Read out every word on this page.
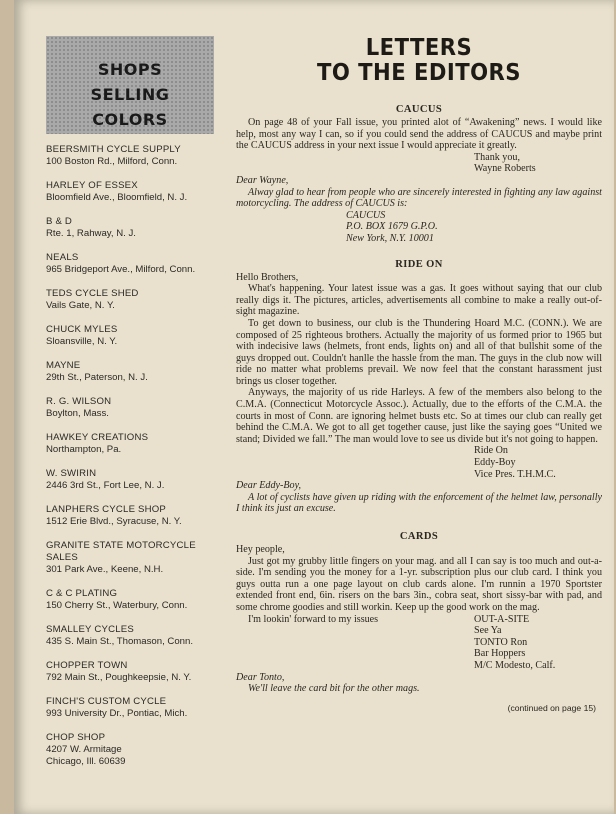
SHOPS
SELLING
COLORS
BEERSMITH CYCLE SUPPLY
100 Boston Rd., Milford, Conn.
HARLEY OF ESSEX
Bloomfield Ave., Bloomfield, N. J.
B & D
Rte. 1, Rahway, N. J.
NEALS
965 Bridgeport Ave., Milford, Conn.
TEDS CYCLE SHED
Vails Gate, N. Y.
CHUCK MYLES
Sloansville, N. Y.
MAYNE
29th St., Paterson, N. J.
R. G. WILSON
Boylton, Mass.
HAWKEY CREATIONS
Northampton, Pa.
W. SWIRIN
2446 3rd St., Fort Lee, N. J.
LANPHERS CYCLE SHOP
1512 Erie Blvd., Syracuse, N. Y.
GRANITE STATE MOTORCYCLE SALES
301 Park Ave., Keene, N.H.
C & C PLATING
150 Cherry St., Waterbury, Conn.
SMALLEY CYCLES
435 S. Main St., Thomason, Conn.
CHOPPER TOWN
792 Main St., Poughkeepsie, N. Y.
FINCH'S CUSTOM CYCLE
993 University Dr., Pontiac, Mich.
CHOP SHOP
4207 W. Armitage
Chicago, Ill. 60639
LETTERS
TO THE EDITORS
CAUCUS

On page 48 of your Fall issue, you printed alot of “Awakening” news. I would like help, most any way I can, so if you could send the address of CAUCUS and maybe print the CAUCUS address in your next issue I would appreciate it greatly.

Thank you,
Wayne Roberts

Dear Wayne,

Alway glad to hear from people who are sincerely interested in fighting any law against motorcycling. The address of CAUCUS is:

CAUCUS
P.O. BOX 1679 G.P.O.
New York, N.Y. 10001
RIDE ON

Hello Brothers,

What's happening. Your latest issue was a gas. It goes without saying that our club really digs it. The pictures, articles, advertisements all combine to make a really out-of-sight magazine.

To get down to business, our club is the Thundering Hoard M.C. (CONN.). We are composed of 25 righteous brothers. Actually the majority of us formed prior to 1965 but with indecisive laws (helmets, front ends, lights on) and all of that bullshit some of the guys dropped out. Couldn't hanlle the hassle from the man. The guys in the club now will ride no matter what problems prevail. We now feel that the constant harassment just brings us closer together.

Anyways, the majority of us ride Harleys. A few of the members also belong to the C.M.A. (Connecticut Motorcycle Assoc.). Actually, due to the efforts of the C.M.A. the courts in most of Conn. are ignoring helmet busts etc. So at times our club can really get behind the C.M.A. We got to all get together cause, just like the saying goes “United we stand; Divided we fall.” The man would love to see us divide but it's not going to happen.

Ride On
Eddy-Boy
Vice Pres. T.H.M.C.

Dear Eddy-Boy,

A lot of cyclists have given up riding with the enforcement of the helmet law, personally I think its just an excuse.

CARDS

Hey people,

Just got my grubby little fingers on your mag. and all I can say is too much and out-a-side. I'm sending you the money for a 1-yr. subscription plus our club card. I think you guys outta run a one page layout on club cards alone. I'm runnin a 1970 Sportster extended front end, 6in. risers on the bars 3in., cobra seat, short sissy-bar with pad, and some chrome goodies and still workin. Keep up the good work on the mag.

I'm lookin' forward to my issues	OUT-A-SITE
See Ya
TONTO Ron
Bar Hoppers
M/C Modesto, Calf.

Dear Tonto,

We'll leave the card bit for the other mags.

(continued on page 15)
